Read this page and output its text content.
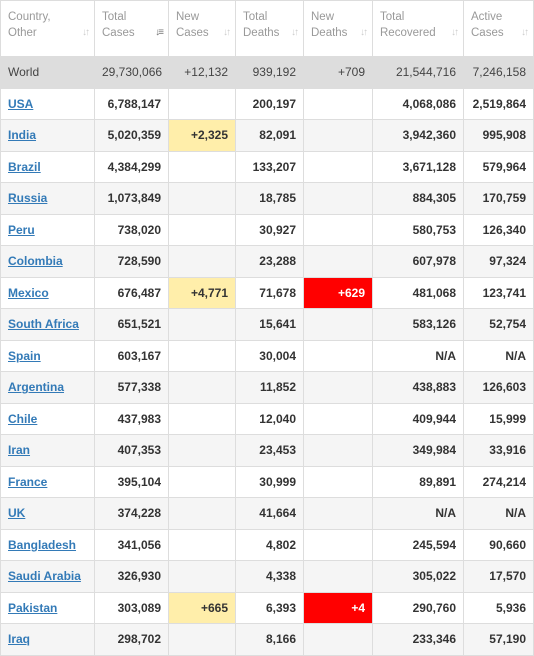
Country, Other ↓↑	Total Cases ↓≡	New Cases ↓↑	Total Deaths ↓↑	New Deaths ↓↑	Total Recovered ↓↑	Active Cases ↓↑

World	29,730,066	+12,132	939,192	+709	21,544,716	7,246,158
USA	6,788,147		200,197		4,068,086	2,519,864
India	5,020,359	+2,325	82,091		3,942,360	995,908
Brazil	4,384,299		133,207		3,671,128	579,964
Russia	1,073,849		18,785		884,305	170,759
Peru	738,020		30,927		580,753	126,340
Colombia	728,590		23,288		607,978	97,324
Mexico	676,487	+4,771	71,678	+629	481,068	123,741
South Africa	651,521		15,641		583,126	52,754
Spain	603,167		30,004		N/A	N/A
Argentina	577,338		11,852		438,883	126,603
Chile	437,983		12,040		409,944	15,999
Iran	407,353		23,453		349,984	33,916
France	395,104		30,999		89,891	274,214
UK	374,228		41,664		N/A	N/A
Bangladesh	341,056		4,802		245,594	90,660
Saudi Arabia	326,930		4,338		305,022	17,570
Pakistan	303,089	+665	6,393	+4	290,760	5,936
Iraq	298,702		8,166		233,346	57,190
